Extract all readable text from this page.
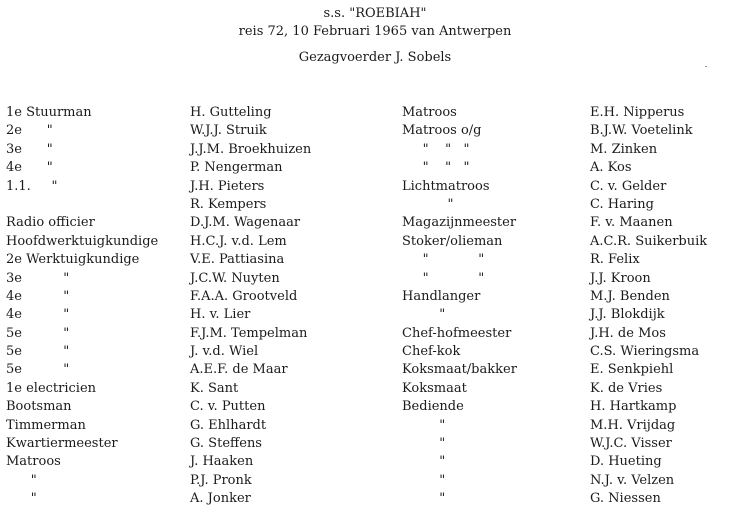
s.s. "ROEBIAH"
reis 72, 10 Februari 1965 van Antwerpen
Gezagvoerder J. Sobels
1e Stuurman
2e      "
3e      "
4e      "
1.1.     "
Radio officier
Hoofdwerktuigkundige
2e Werktuigkundige
3e          "
4e          "
4e          "
5e          "
5e          "
5e          "
1e electricien
Bootsman
Timmerman
Kwartiermeester
Matroos
"
"
H. Gutteling
W.J.J. Struik
J.J.M. Broekhuizen
P. Nengerman
J.H. Pieters
R. Kempers
D.J.M. Wagenaar
H.C.J. v.d. Lem
V.E. Pattiasina
J.C.W. Nuyten
F.A.A. Grootveld
H. v. Lier
F.J.M. Tempelman
J. v.d. Wiel
A.E.F. de Maar
K. Sant
C. v. Putten
G. Ehlhardt
G. Steffens
J. Haaken
P.J. Pronk
A. Jonker
Matroos
Matroos o/g
"    "   "
"    "   "
Lichtmatroos
"
Magazijnmeester
Stoker/olieman
"            "
"            "
Handlanger
"
Chef-hofmeester
Chef-kok
Koksmaat/bakker
Koksmaat
Bediende
"
"
"
"
"
E.H. Nipperus
B.J.W. Voetelink
M. Zinken
A. Kos
C. v. Gelder
C. Haring
F. v. Maanen
A.C.R. Suikerbuik
R. Felix
J.J. Kroon
M.J. Benden
J.J. Blokdijk
J.H. de Mos
C.S. Wieringsma
E. Senkpiehl
K. de Vries
H. Hartkamp
M.H. Vrijdag
W.J.C. Visser
D. Hueting
N.J. v. Velzen
G. Niessen
